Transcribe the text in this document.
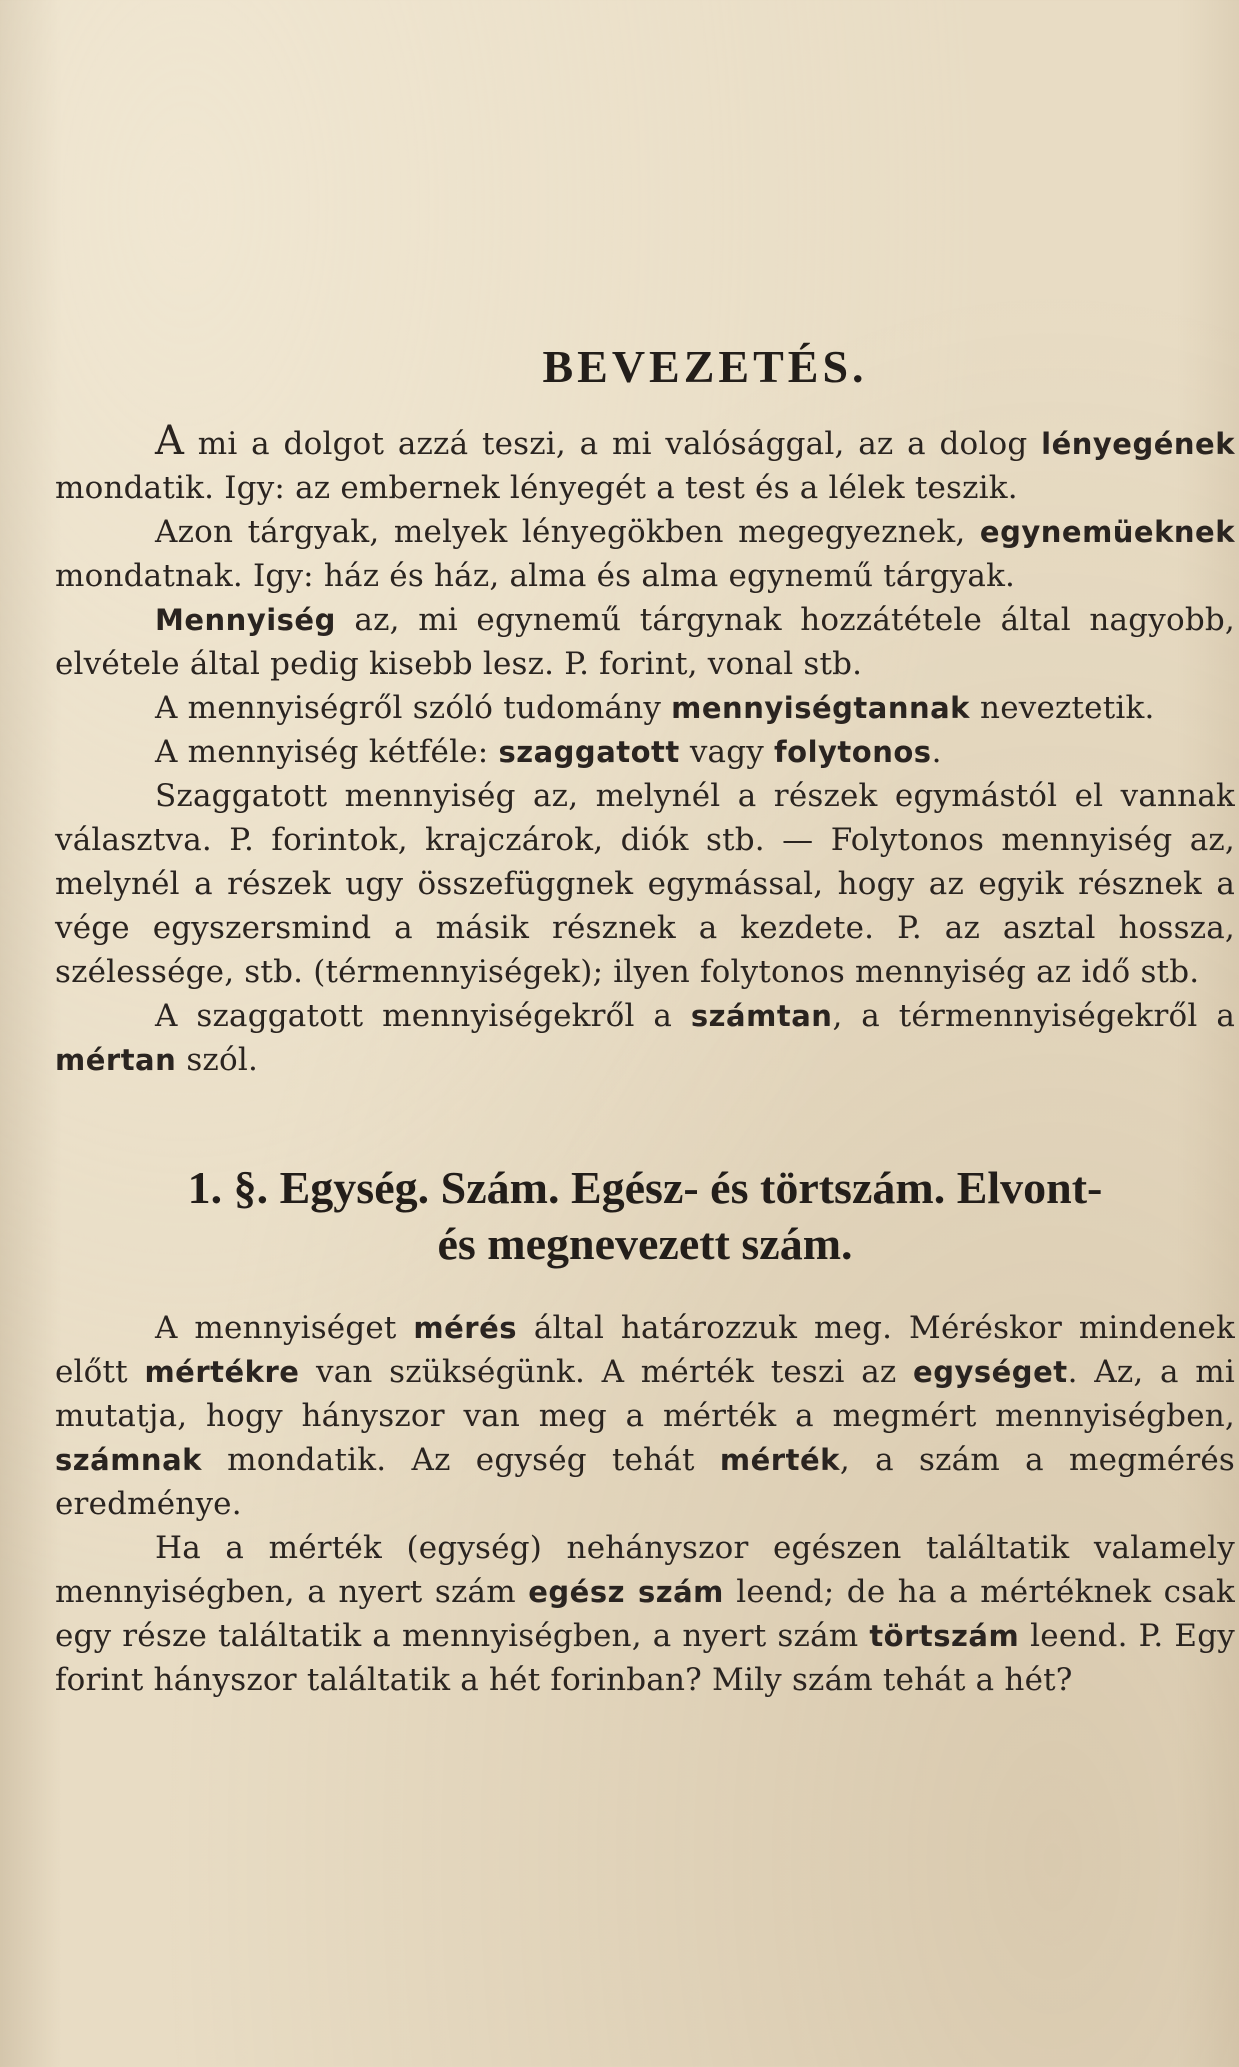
BEVEZETÉS.

A mi a dolgot azzá teszi, a mi valósággal, az a dolog lényegének mondatik. Igy: az embernek lényegét a test és a lélek teszik.

Azon tárgyak, melyek lényegökben megegyeznek, egynemüeknek mondatnak. Igy: ház és ház, alma és alma egynemű tárgyak.

Mennyiség az, mi egynemű tárgynak hozzátétele által nagyobb, elvétele által pedig kisebb lesz. P. forint, vonal stb.

A mennyiségről szóló tudomány mennyiségtannak neveztetik.

A mennyiség kétféle: szaggatott vagy folytonos.

Szaggatott mennyiség az, melynél a részek egymástól el vannak választva. P. forintok, krajczárok, diók stb. — Folytonos mennyiség az, melynél a részek ugy összefüggnek egymással, hogy az egyik résznek a vége egyszersmind a másik résznek a kezdete. P. az asztal hossza, szélessége, stb. (térmennyiségek); ilyen folytonos mennyiség az idő stb.

A szaggatott mennyiségekről a számtan, a térmennyiségekről a mértan szól.

1. §. Egység. Szám. Egész- és törtszám. Elvont-
és megnevezett szám.

A mennyiséget mérés által határozzuk meg. Méréskor mindenek előtt mértékre van szükségünk. A mérték teszi az egységet. Az, a mi mutatja, hogy hányszor van meg a mérték a megmért mennyiségben, számnak mondatik. Az egység tehát mérték, a szám a megmérés eredménye.

Ha a mérték (egység) nehányszor egészen találtatik valamely mennyiségben, a nyert szám egész szám leend; de ha a mértéknek csak egy része találtatik a mennyiségben, a nyert szám törtszám leend. P. Egy forint hányszor találtatik a hét forinban? Mily szám tehát a hét?
